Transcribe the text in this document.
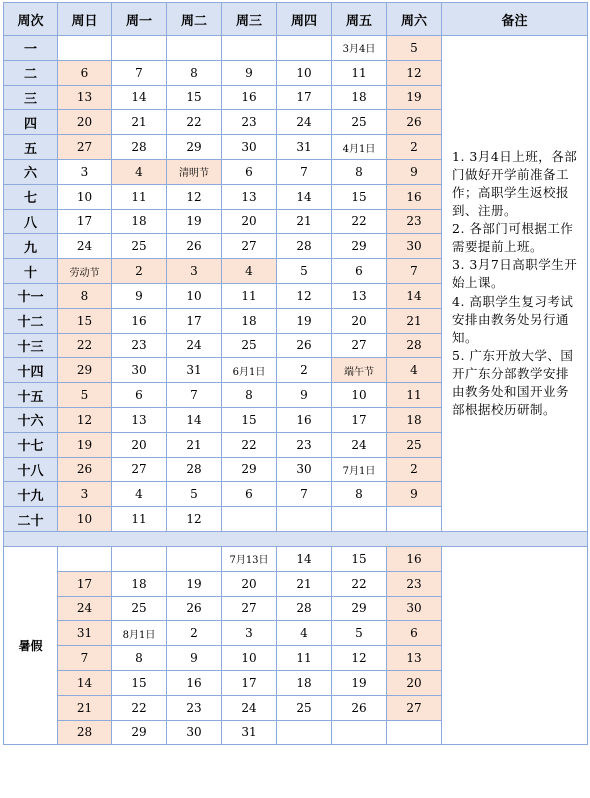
周次	周日	周一	周二	周三	周四	周五	周六	备注
一						3月4日	5	1. 3月4日上班，各部门做好开学前准备工作；高职学生返校报到、注册。

2. 各部门可根据工作需要提前上班。

3. 3月7日高职学生开始上课。

4. 高职学生复习考试安排由教务处另行通知。

5. 广东开放大学、国开广东分部教学安排由教务处和国开业务部根据校历研制。

二	6	7	8	9	10	11	12	
三	13	14	15	16	17	18	19	
四	20	21	22	23	24	25	26	
五	27	28	29	30	31	4月1日	2	
六	3	4	清明节	6	7	8	9	
七	10	11	12	13	14	15	16	
八	17	18	19	20	21	22	23	
九	24	25	26	27	28	29	30	
十	劳动节	2	3	4	5	6	7	
十一	8	9	10	11	12	13	14	
十二	15	16	17	18	19	20	21	
十三	22	23	24	25	26	27	28	
十四	29	30	31	6月1日	2	端午节	4	
十五	5	6	7	8	9	10	11	
十六	12	13	14	15	16	17	18	
十七	19	20	21	22	23	24	25	
十八	26	27	28	29	30	7月1日	2	
十九	3	4	5	6	7	8	9	
二十	10	11	12					

暑假				7月13日	14	15	16	
	17	18	19	20	21	22	23	
	24	25	26	27	28	29	30	
	31	8月1日	2	3	4	5	6	
	7	8	9	10	11	12	13	
	14	15	16	17	18	19	20	
	21	22	23	24	25	26	27	
	28	29	30	31				
